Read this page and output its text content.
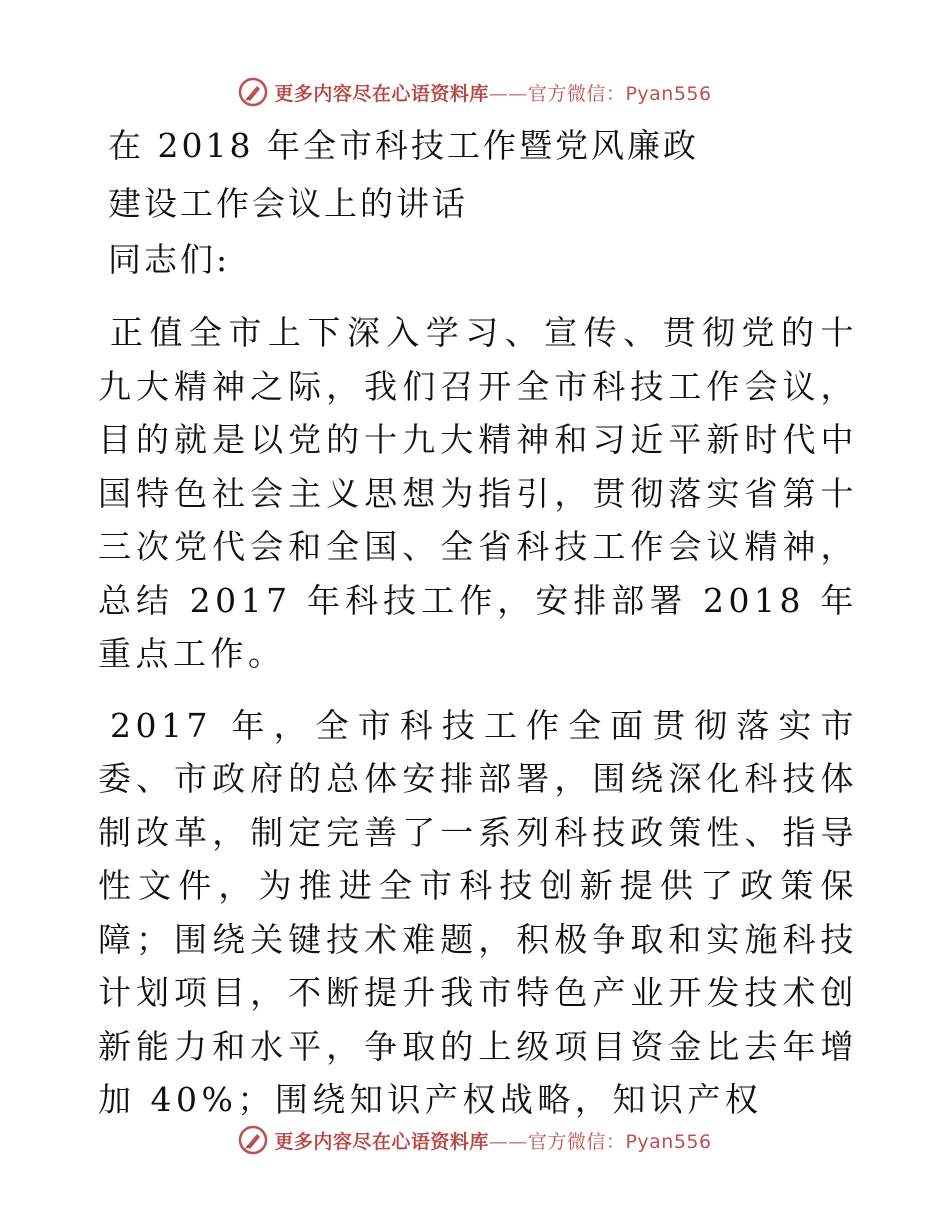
更多内容尽在心语资料库——官方微信：Pyan556
在 2018 年全市科技工作暨党风廉政
建设工作会议上的讲话
同志们:

正值全市上下深入学习、宣传、贯彻党的十九大精神之际，我们召开全市科技工作会议，目的就是以党的十九大精神和习近平新时代中国特色社会主义思想为指引，贯彻落实省第十三次党代会和全国、全省科技工作会议精神，总结 2017 年科技工作，安排部署 2018 年重点工作。

2017 年，全市科技工作全面贯彻落实市委、市政府的总体安排部署，围绕深化科技体制改革，制定完善了一系列科技政策性、指导性文件，为推进全市科技创新提供了政策保障；围绕关键技术难题，积极争取和实施科技计划项目，不断提升我市特色产业开发技术创新能力和水平，争取的上级项目资金比去年增加 40%；围绕知识产权战略，知识产权

更多内容尽在心语资料库——官方微信：Pyan556
